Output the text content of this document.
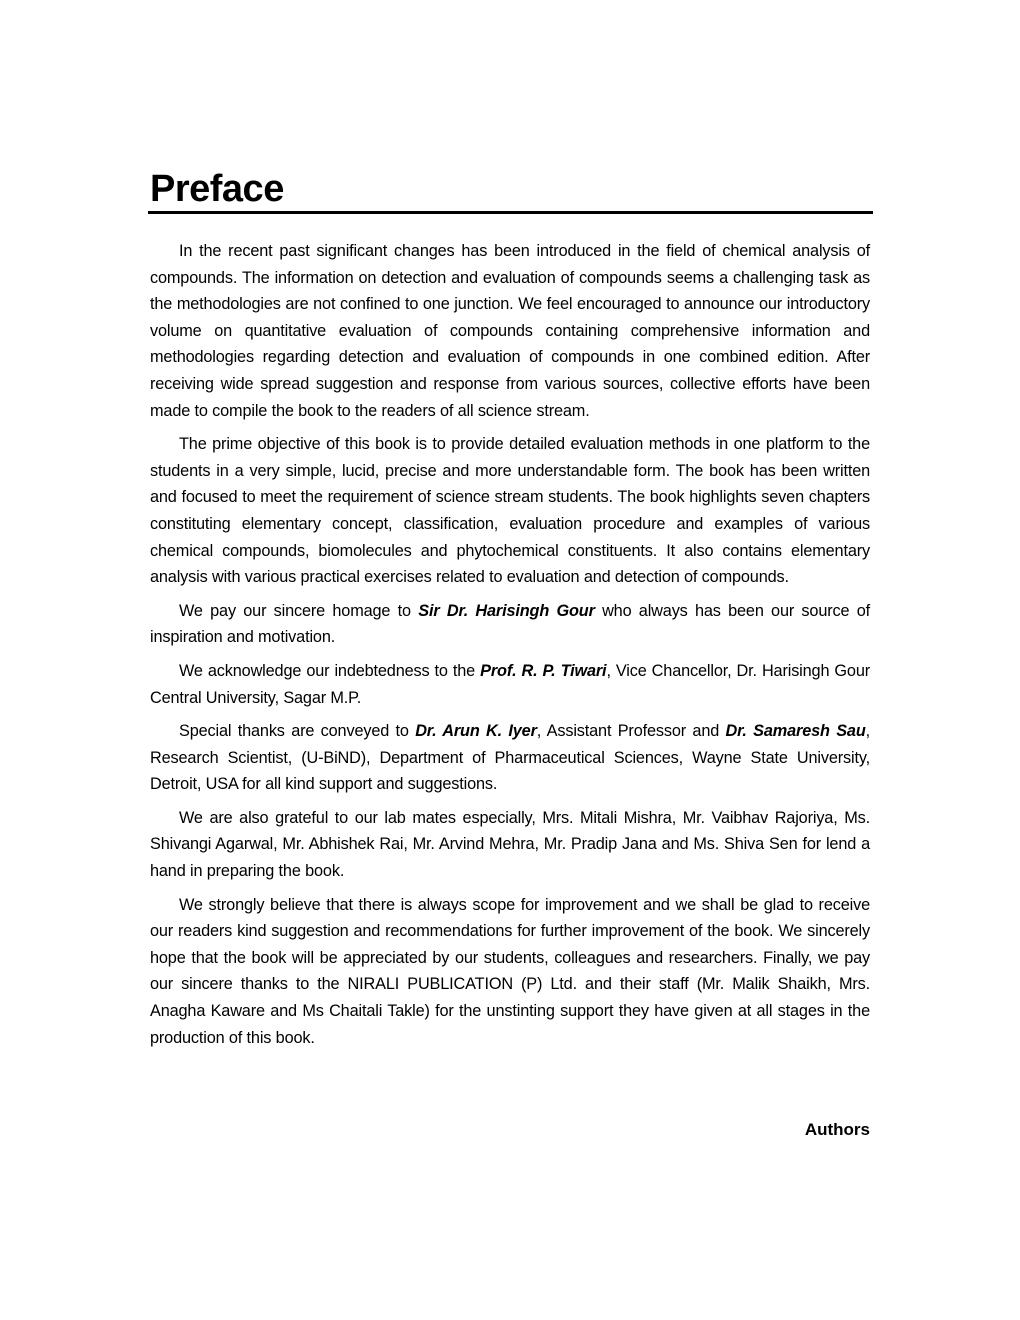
Preface

In the recent past significant changes has been introduced in the field of chemical analysis of compounds. The information on detection and evaluation of compounds seems a challenging task as the methodologies are not confined to one junction. We feel encouraged to announce our introductory volume on quantitative evaluation of compounds containing comprehensive information and methodologies regarding detection and evaluation of compounds in one combined edition. After receiving wide spread suggestion and response from various sources, collective efforts have been made to compile the book to the readers of all science stream.

The prime objective of this book is to provide detailed evaluation methods in one platform to the students in a very simple, lucid, precise and more understandable form. The book has been written and focused to meet the requirement of science stream students. The book highlights seven chapters constituting elementary concept, classification, evaluation procedure and examples of various chemical compounds, biomolecules and phytochemical constituents. It also contains elementary analysis with various practical exercises related to evaluation and detection of compounds.

We pay our sincere homage to Sir Dr. Harisingh Gour who always has been our source of inspiration and motivation.

We acknowledge our indebtedness to the Prof. R. P. Tiwari, Vice Chancellor, Dr. Harisingh Gour Central University, Sagar M.P.

Special thanks are conveyed to Dr. Arun K. Iyer, Assistant Professor and Dr. Samaresh Sau, Research Scientist, (U-BiND), Department of Pharmaceutical Sciences, Wayne State University, Detroit, USA for all kind support and suggestions.

We are also grateful to our lab mates especially, Mrs. Mitali Mishra, Mr. Vaibhav Rajoriya, Ms. Shivangi Agarwal, Mr. Abhishek Rai, Mr. Arvind Mehra, Mr. Pradip Jana and Ms. Shiva Sen for lend a hand in preparing the book.

We strongly believe that there is always scope for improvement and we shall be glad to receive our readers kind suggestion and recommendations for further improvement of the book. We sincerely hope that the book will be appreciated by our students, colleagues and researchers. Finally, we pay our sincere thanks to the NIRALI PUBLICATION (P) Ltd. and their staff (Mr. Malik Shaikh, Mrs. Anagha Kaware and Ms Chaitali Takle) for the unstinting support they have given at all stages in the production of this book.

Authors
